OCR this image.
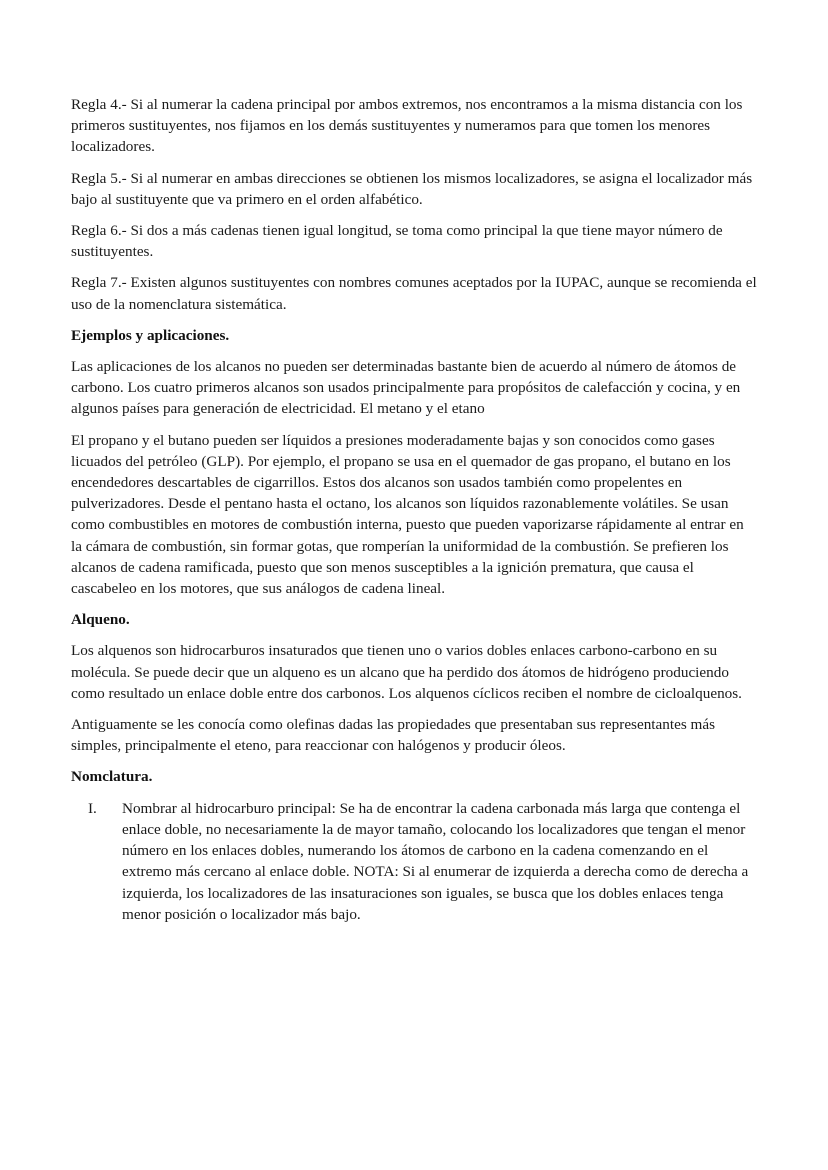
Regla 4.- Si al numerar la cadena principal por ambos extremos, nos encontramos a la misma distancia con los primeros sustituyentes, nos fijamos en los demás sustituyentes y numeramos para que tomen los menores localizadores.

Regla 5.- Si al numerar en ambas direcciones se obtienen los mismos localizadores, se asigna el localizador más bajo al sustituyente que va primero en el orden alfabético.

Regla 6.- Si dos a más cadenas tienen igual longitud, se toma como principal la que tiene mayor número de sustituyentes.

Regla 7.- Existen algunos sustituyentes con nombres comunes aceptados por la IUPAC, aunque se recomienda el uso de la nomenclatura sistemática.

Ejemplos y aplicaciones.

Las aplicaciones de los alcanos no pueden ser determinadas bastante bien de acuerdo al número de átomos de carbono. Los cuatro primeros alcanos son usados principalmente para propósitos de calefacción y cocina, y en algunos países para generación de electricidad. El metano y el etano

El propano y el butano pueden ser líquidos a presiones moderadamente bajas y son conocidos como gases licuados del petróleo (GLP). Por ejemplo, el propano se usa en el quemador de gas propano, el butano en los encendedores descartables de cigarrillos. Estos dos alcanos son usados también como propelentes en pulverizadores. Desde el pentano hasta el octano, los alcanos son líquidos razonablemente volátiles. Se usan como combustibles en motores de combustión interna, puesto que pueden vaporizarse rápidamente al entrar en la cámara de combustión, sin formar gotas, que romperían la uniformidad de la combustión. Se prefieren los alcanos de cadena ramificada, puesto que son menos susceptibles a la ignición prematura, que causa el cascabeleo en los motores, que sus análogos de cadena lineal.

Alqueno.

Los alquenos son hidrocarburos insaturados que tienen uno o varios dobles enlaces carbono-carbono en su molécula. Se puede decir que un alqueno es un alcano que ha perdido dos átomos de hidrógeno produciendo como resultado un enlace doble entre dos carbonos. Los alquenos cíclicos reciben el nombre de cicloalquenos.

Antiguamente se les conocía como olefinas dadas las propiedades que presentaban sus representantes más simples, principalmente el eteno, para reaccionar con halógenos y producir óleos.

Nomclatura.
I.	Nombrar al hidrocarburo principal: Se ha de encontrar la cadena carbonada más larga que contenga el enlace doble, no necesariamente la de mayor tamaño, colocando los localizadores que tengan el menor número en los enlaces dobles, numerando los átomos de carbono en la cadena comenzando en el extremo más cercano al enlace doble. NOTA: Si al enumerar de izquierda a derecha como de derecha a izquierda, los localizadores de las insaturaciones son iguales, se busca que los dobles enlaces tenga menor posición o localizador más bajo.
